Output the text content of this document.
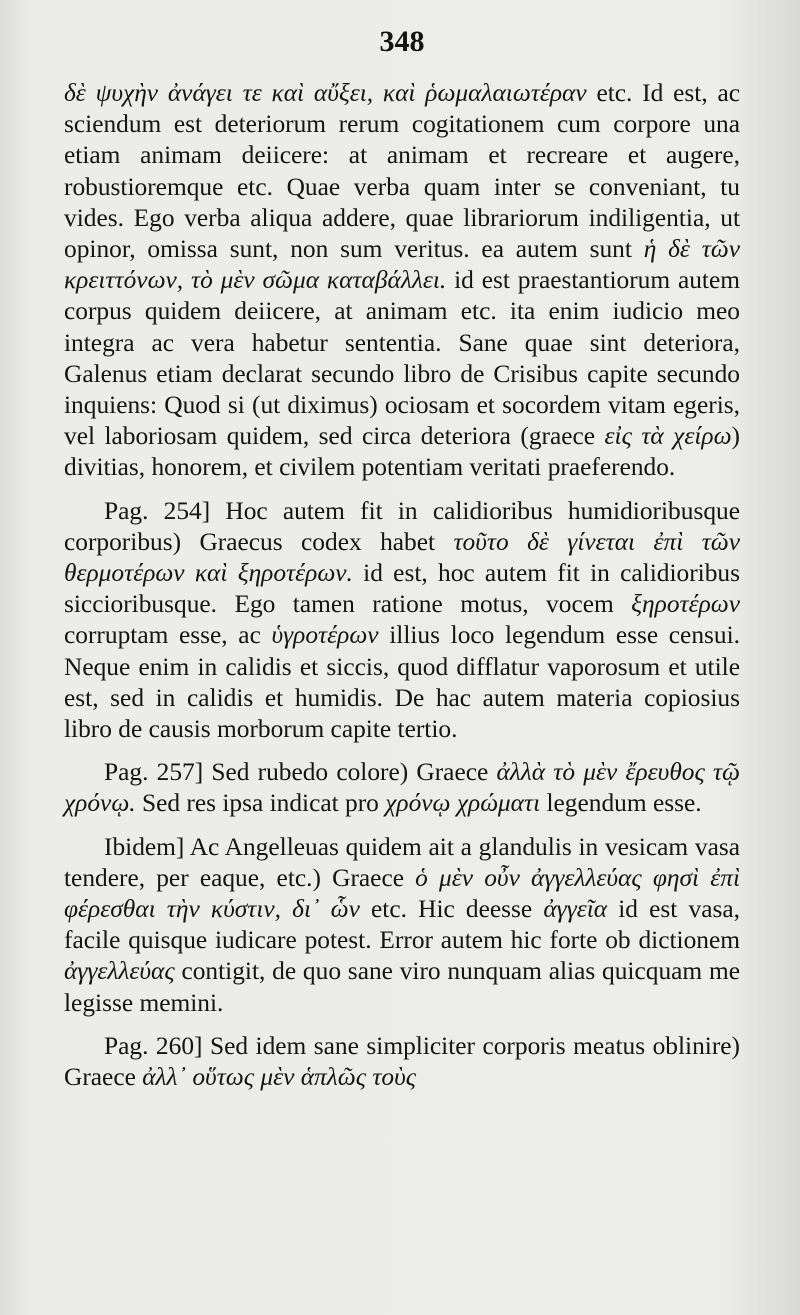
348

δὲ ψυχὴν ἀνάγει τε καὶ αὔξει, καὶ ῥωμαλαιωτέραν etc. Id est, ac sciendum est deteriorum rerum cogitationem cum corpore una etiam animam deiicere: at animam et recreare et augere, robustioremque etc. Quae verba quam inter se conveniant, tu vides. Ego verba aliqua addere, quae librariorum indiligentia, ut opinor, omissa sunt, non sum veritus. ea autem sunt ἡ δὲ τῶν κρειττόνων, τὸ μὲν σῶμα καταβάλλει. id est praestantiorum autem corpus quidem deiicere, at animam etc. ita enim iudicio meo integra ac vera habetur sententia. Sane quae sint deteriora, Galenus etiam declarat secundo libro de Crisibus capite secundo inquiens: Quod si (ut diximus) ociosam et socordem vitam egeris, vel laboriosam quidem, sed circa deteriora (graece εἰς τὰ χείρω) divitias, honorem, et civilem potentiam veritati praeferendo.

Pag. 254] Hoc autem fit in calidioribus humidioribusque corporibus) Graecus codex habet τοῦτο δὲ γίνεται ἐπὶ τῶν θερμοτέρων καὶ ξηροτέρων. id est, hoc autem fit in calidioribus siccioribusque. Ego tamen ratione motus, vocem ξηροτέρων corruptam esse, ac ὑγροτέρων illius loco legendum esse censui. Neque enim in calidis et siccis, quod difflatur vaporosum et utile est, sed in calidis et humidis. De hac autem materia copiosius libro de causis morborum capite tertio.

Pag. 257] Sed rubedo colore) Graece ἀλλὰ τὸ μὲν ἔρευθος τῷ χρόνῳ. Sed res ipsa indicat pro χρόνῳ χρώματι legendum esse.

Ibidem] Ac Angelleuas quidem ait a glandulis in vesicam vasa tendere, per eaque, etc.) Graece ὁ μὲν οὖν ἀγγελλεύας φησὶ ἐπὶ φέρεσθαι τὴν κύστιν, δι᾽ ὧν etc. Hic deesse ἀγγεῖα id est vasa, facile quisque iudicare potest. Error autem hic forte ob dictionem ἀγγελλεύας contigit, de quo sane viro nunquam alias quicquam me legisse memini.

Pag. 260] Sed idem sane simpliciter corporis meatus oblinire) Graece ἀλλ᾽ οὕτως μὲν ἁπλῶς τοὺς
